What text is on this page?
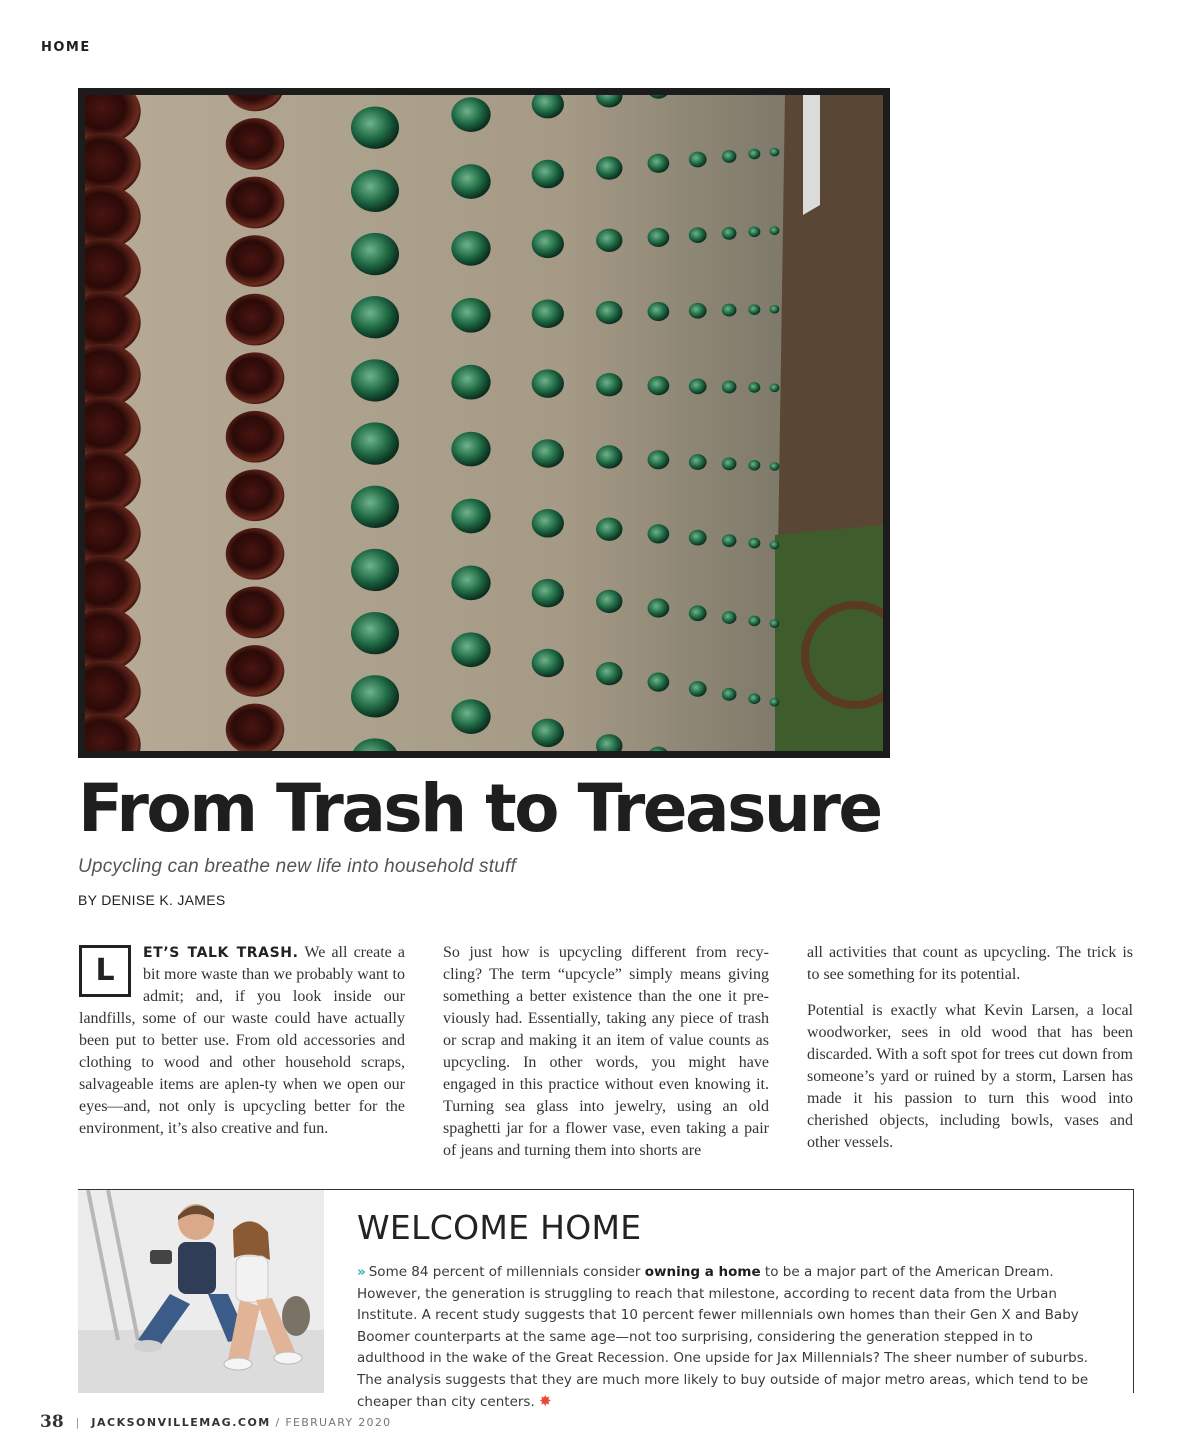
HOME
From Trash to Treasure
Upcycling can breathe new life into household stuff
BY DENISE K. JAMES

L	ET’S TALK TRASH. We all create a bit more waste than we probably want to admit; and, if you look inside our landfills, some of our waste could have actually been put to better use. From old accessories and clothing to wood and other household scraps, salvageable items are aplen-ty when we open our eyes—and, not only is upcycling better for the environment, it’s also creative and fun.

So just how is upcycling different from recy-cling? The term “upcycle” simply means giving something a better existence than the one it pre-viously had. Essentially, taking any piece of trash or scrap and making it an item of value counts as upcycling. In other words, you might have engaged in this practice without even knowing it. Turning sea glass into jewelry, using an old spaghetti jar for a flower vase, even taking a pair of jeans and turning them into shorts are

all activities that count as upcycling. The trick is to see something for its potential.

Potential is exactly what Kevin Larsen, a local woodworker, sees in old wood that has been discarded. With a soft spot for trees cut down from someone’s yard or ruined by a storm, Larsen has made it his passion to turn this wood into cherished objects, including bowls, vases and other vessels.

WELCOME HOME
» Some 84 percent of millennials consider owning a home to be a major part of the American Dream. However, the generation is struggling to reach that milestone, according to recent data from the Urban Institute. A recent study suggests that 10 percent fewer millennials own homes than their Gen X and Baby Boomer counterparts at the same age—not too surprising, considering the generation stepped in to adulthood in the wake of the Great Recession. One upside for Jax Millennials? The sheer number of suburbs. The analysis suggests that they are much more likely to buy outside of major metro areas, which tend to be cheaper than city centers. ✸
38 | JACKSONVILLEMAG.COM / FEBRUARY 2020
